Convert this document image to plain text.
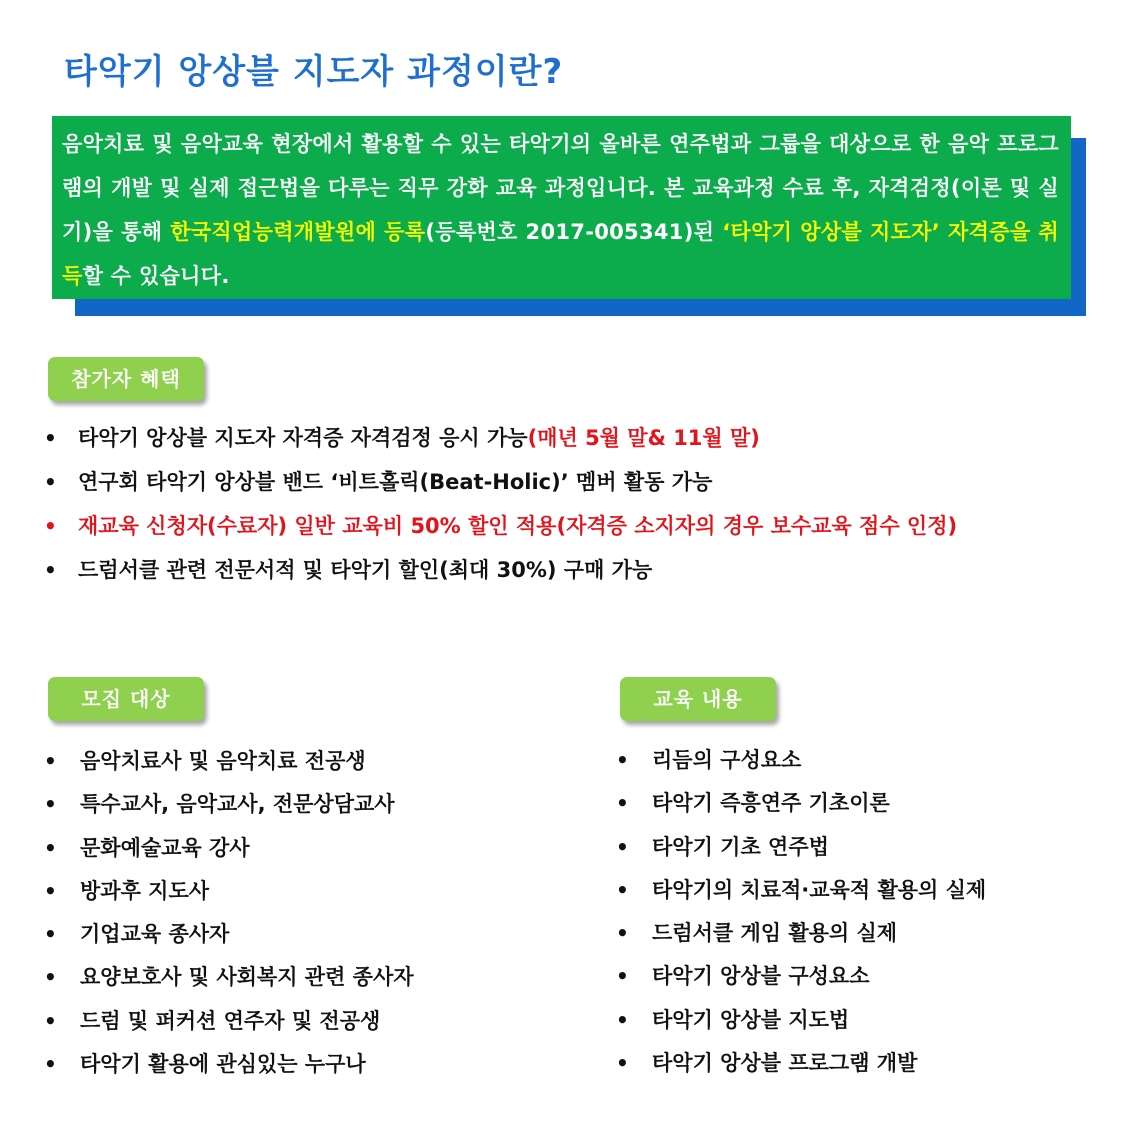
타악기 앙상블 지도자 과정이란?
음악치료 및 음악교육 현장에서 활용할 수 있는 타악기의 올바른 연주법과 그룹을 대상으로 한 음악 프로그램의 개발 및 실제 접근법을 다루는 직무 강화 교육 과정입니다. 본 교육과정 수료 후, 자격검정(이론 및 실기)을 통해 한국직업능력개발원에 등록(등록번호 2017-005341)된 ‘타악기 앙상블 지도자’ 자격증을 취득할 수 있습니다.
참가자 혜택
• 타악기 앙상블 지도자 자격증 자격검정 응시 가능(매년 5월 말& 11월 말)
• 연구회 타악기 앙상블 밴드 ‘비트홀릭(Beat-Holic)’ 멤버 활동 가능
• 재교육 신청자(수료자) 일반 교육비 50% 할인 적용(자격증 소지자의 경우 보수교육 점수 인정)
• 드럼서클 관련 전문서적 및 타악기 할인(최대 30%) 구매 가능
모집 대상
• 음악치료사 및 음악치료 전공생
• 특수교사, 음악교사, 전문상담교사
• 문화예술교육 강사
• 방과후 지도사
• 기업교육 종사자
• 요양보호사 및 사회복지 관련 종사자
• 드럼 및 퍼커션 연주자 및 전공생
• 타악기 활용에 관심있는 누구나
교육 내용
• 리듬의 구성요소
• 타악기 즉흥연주 기초이론
• 타악기 기초 연주법
• 타악기의 치료적·교육적 활용의 실제
• 드럼서클 게임 활용의 실제
• 타악기 앙상블 구성요소
• 타악기 앙상블 지도법
• 타악기 앙상블 프로그램 개발
